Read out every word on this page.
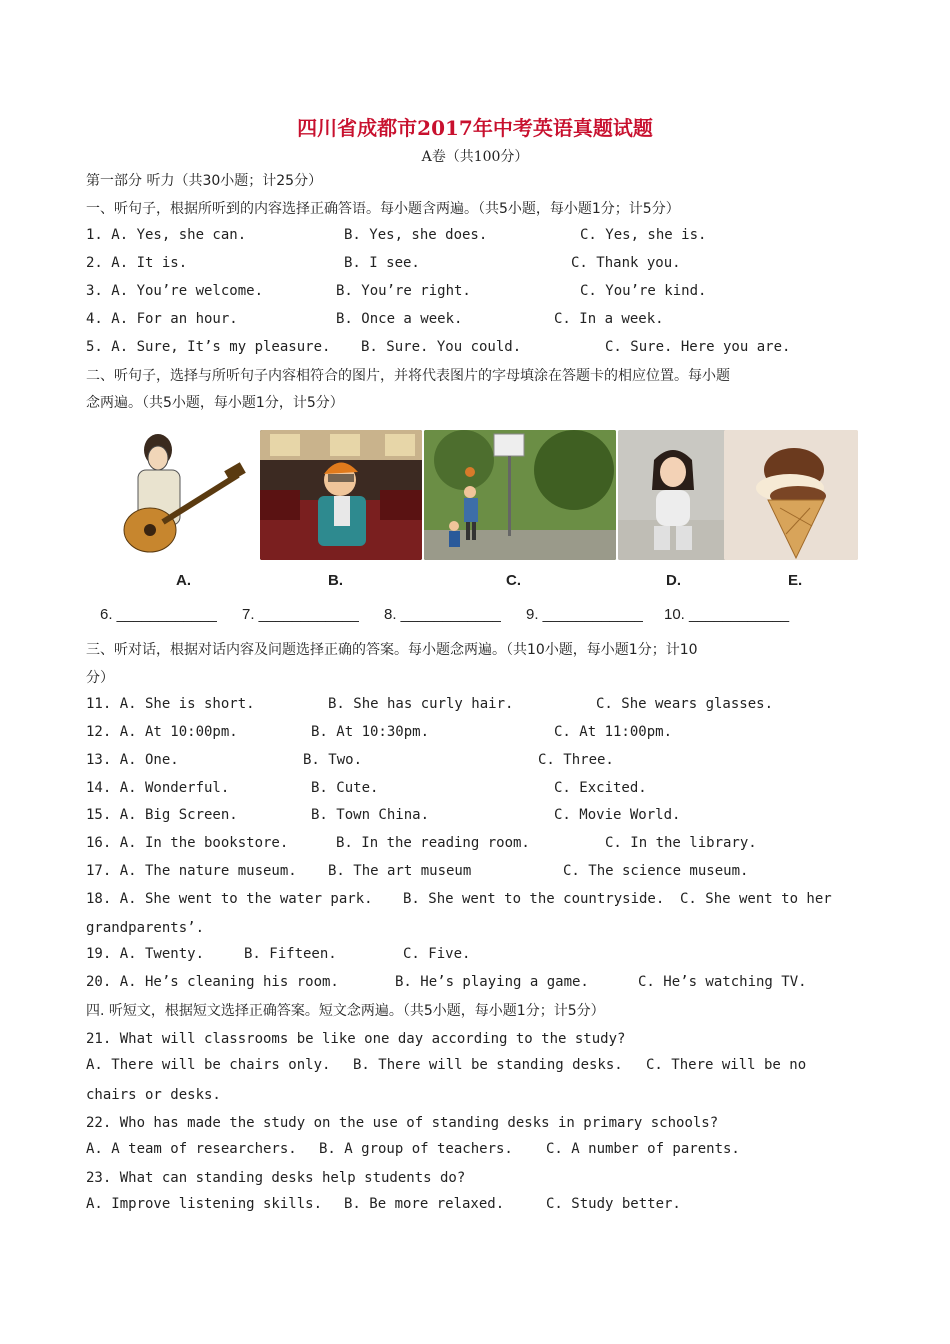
四川省成都市2017年中考英语真题试题
A卷（共100分）
第一部分 听力（共30小题；计25分）
一、听句子，根据所听到的内容选择正确答语。每小题含两遍。（共5小题，每小题1分；计5分）
1. A. Yes, she can.	B. Yes, she does.	C. Yes, she is.
2. A. It is.	B. I see.	C. Thank you.
3. A. You’re welcome.	B. You’re right.	C. You’re kind.
4. A. For an hour.	B. Once a week.	C. In a week.
5. A. Sure, It’s my pleasure. B. Sure. You could.	C. Sure. Here you are.
二、听句子，选择与所听句子内容相符合的图片，并将代表图片的字母填涂在答题卡的相应位置。每小题
念两遍。（共5小题，每小题1分，计5分）
A.	B.	C.	D.	E.
6. ____________ 7. ____________ 8. ____________ 9. ____________ 10. ____________
三、听对话，根据对话内容及问题选择正确的答案。每小题念两遍。（共10小题，每小题1分；计10
分）
11. A. She is short.	B. She has curly hair.	C. She wears glasses.
12. A. At 10:00pm.	B. At 10:30pm.	C. At 11:00pm.
13. A. One.	B. Two.	C. Three.
14. A. Wonderful.	B. Cute.	C. Excited.
15. A. Big Screen.	B. Town China.	C. Movie World.
16. A. In the bookstore.	B. In the reading room.	C. In the library.
17. A. The nature museum. B. The art museum	C. The science museum.
18. A. She went to the water park. B. She went to the countryside. C. She went to her
grandparents’.
19. A. Twenty.	B. Fifteen.	C. Five.
20. A. He’s cleaning his room.	B. He’s playing a game.	C. He’s watching TV.
四. 听短文，根据短文选择正确答案。短文念两遍。（共5小题，每小题1分；计5分）
21. What will classrooms be like one day according to the study?
A. There will be chairs only. B. There will be standing desks. C. There will be no
chairs or desks.
22. Who has made the study on the use of standing desks in primary schools?
A. A team of researchers. B. A group of teachers. C. A number of parents.
23. What can standing desks help students do?
A. Improve listening skills. B. Be more relaxed.	C. Study better.
